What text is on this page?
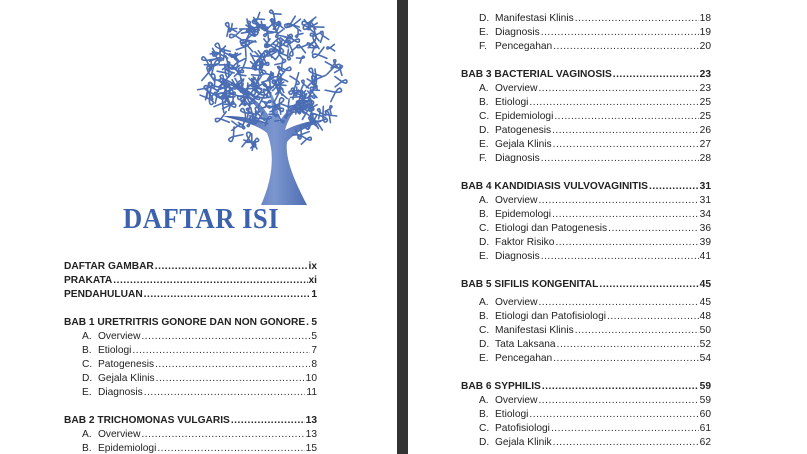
DAFTAR ISI
DAFTAR GAMBAR .....	ix
PRAKATA .....	xi
PENDAHULUAN .....	1
BAB 1 URETRITRIS GONORE DAN NON GONORE ..... 5
A. Overview .....	5
B. Etiologi .....	7
C. Patogenesis .....	8
D. Gejala Klinis .....	10
E. Diagnosis .....	11
BAB 2 TRICHOMONAS VULGARIS .....	13
A. Overview .....	13
B. Epidemiologi .....	15
D. Manifestasi Klinis .....	18
E. Diagnosis .....	19
F. Pencegahan .....	20
BAB 3 BACTERIAL VAGINOSIS .....	23
A. Overview .....	23
B. Etiologi .....	25
C. Epidemiologi .....	25
D. Patogenesis .....	26
E. Gejala Klinis .....	27
F. Diagnosis .....	28
BAB 4 KANDIDIASIS VULVOVAGINITIS .....	31
A. Overview .....	31
B. Epidemologi .....	34
C. Etiologi dan Patogenesis .....	36
D. Faktor Risiko .....	39
E. Diagnosis .....	41
BAB 5 SIFILIS KONGENITAL .....	45
A. Overview .....	45
B. Etiologi dan Patofisiologi .....	48
C. Manifestasi Klinis .....	50
D. Tata Laksana .....	52
E. Pencegahan .....	54
BAB 6 SYPHILIS .....	59
A. Overview .....	59
B. Etiologi .....	60
C. Patofisiologi .....	61
D. Gejala Klinik .....	62
